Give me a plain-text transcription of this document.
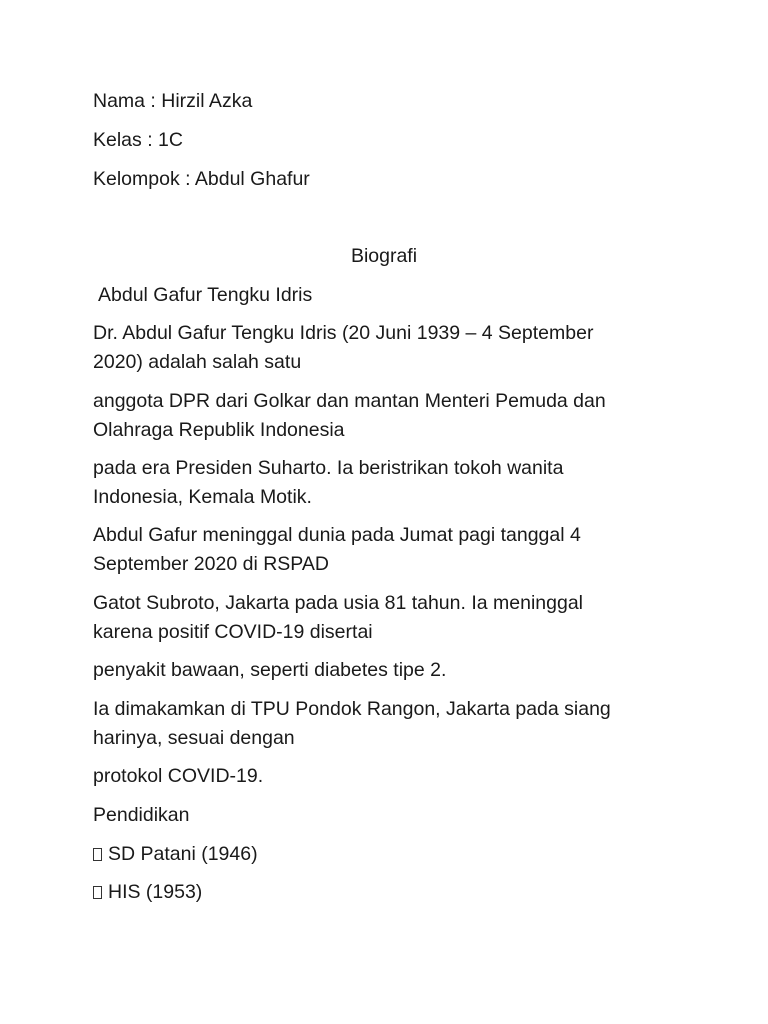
Nama : Hirzil Azka
Kelas : 1C
Kelompok : Abdul Ghafur
Biografi
Abdul Gafur Tengku Idris
Dr. Abdul Gafur Tengku Idris (20 Juni 1939 – 4 September
2020) adalah salah satu
anggota DPR dari Golkar dan mantan Menteri Pemuda dan
Olahraga Republik Indonesia
pada era Presiden Suharto. Ia beristrikan tokoh wanita
Indonesia, Kemala Motik.
Abdul Gafur meninggal dunia pada Jumat pagi tanggal 4
September 2020 di RSPAD
Gatot Subroto, Jakarta pada usia 81 tahun. Ia meninggal
karena positif COVID-19 disertai
penyakit bawaan, seperti diabetes tipe 2.
Ia dimakamkan di TPU Pondok Rangon, Jakarta pada siang
harinya, sesuai dengan
protokol COVID-19.
Pendidikan
SD Patani (1946)
HIS (1953)
